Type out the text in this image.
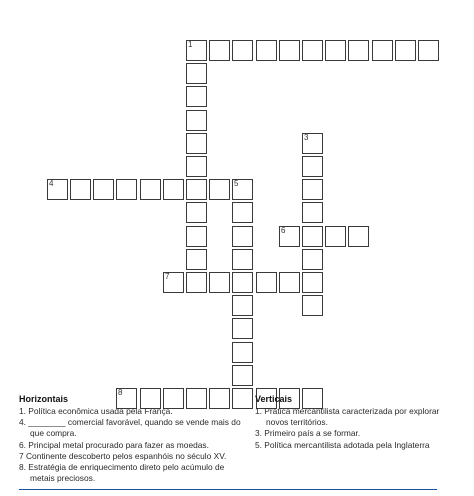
1
3
4	5
6
7
8
Horizontais
1. Política econômica usada pela França.
4. ________ comercial favorável, quando se vende mais do
que compra.
6. Principal metal procurado para fazer as moedas.
7 Continente descoberto pelos espanhóis no século XV.
8. Estratégia de enriquecimento direto pelo acúmulo de
metais preciosos.
Verticais
1. Prática mercantilista caracterizada por explorar
novos territórios.
3. Primeiro país a se formar.
5. Política mercantilista adotada pela Inglaterra
